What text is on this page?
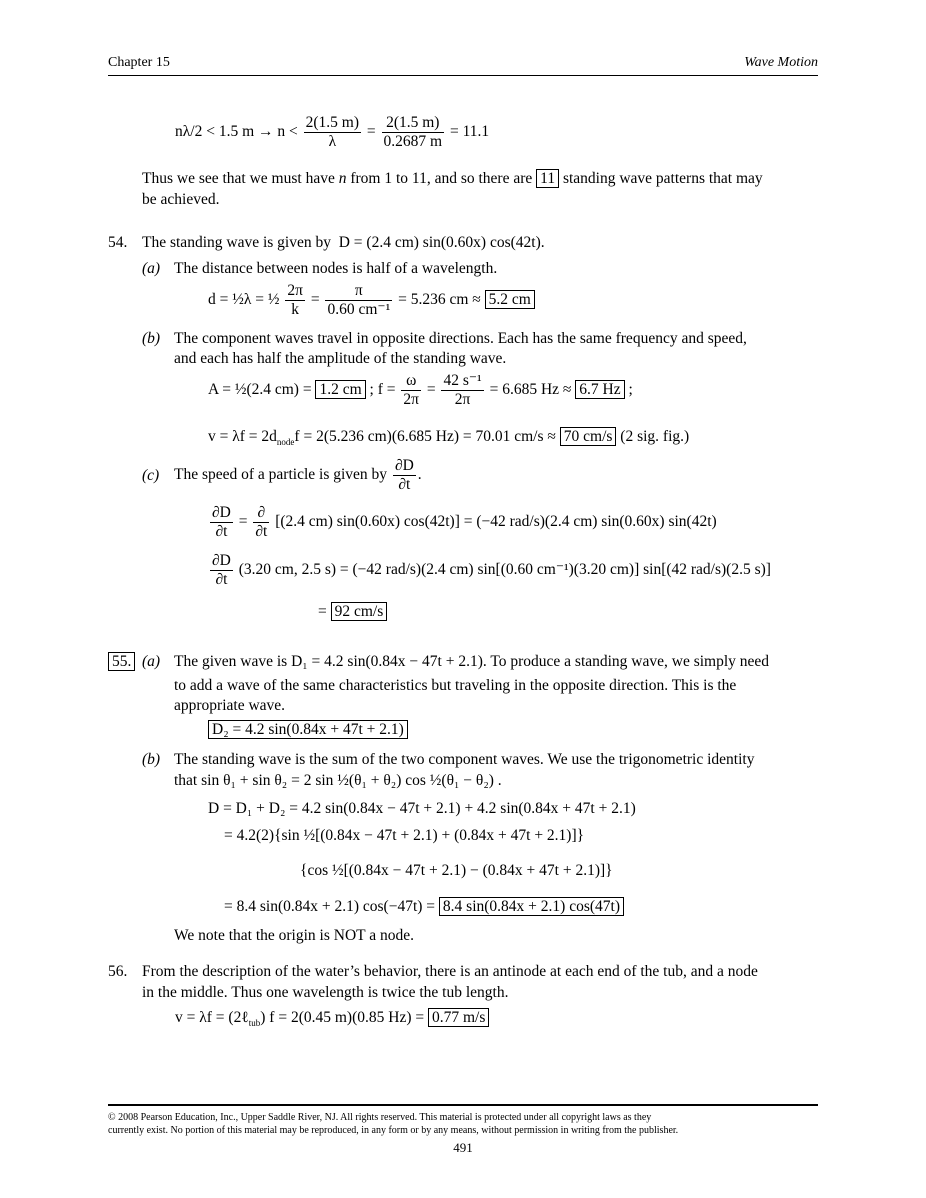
Chapter 15	Wave Motion
nλ/2 < 1.5 $m \to n < \frac{2(1.5 m)}{\lambda} = \frac{2(1.5 m)}{0.2687 m} = 11.1$
Thus we see that we must have n from 1 to 11, and so there are 11 standing wave patterns that may
be achieved.
54. The standing wave is given by D = (2.4 cm) sin(0.60x) cos(42t).
(a) The distance between nodes is half of a wavelength.
d = ½λ = ½ $\frac{2\pi}{k} = \frac{\pi}{\text{0.60 cm⁻¹}} = 5.236$ cm ≈ 5.2 cm
(b) The component waves travel in opposite directions. Each has the same frequency and speed,
and each has half the amplitude of the standing wave.
A = ½(2.4 cm) = 1.2 cm ; $f = \frac{\omega}{2\pi} = \frac{\text{42 s⁻¹}}{2\pi} = 6.685$ Hz ≈ 6.7 Hz ;
$v = \lambda f = 2d_{node}f = 2(5.236$ cm)(6.685 Hz) = 70.01 cm/s ≈ 70 cm/s (2 sig. fig.)
(c) The speed of a particle is given by $\frac{\partial D}{\partial t}$ .
$\frac{\partial D}{\partial t} = \frac{\partial}{\partial t} [(2.4$ cm) sin(0.60x) cos(42t)] = (−42 rad/s)(2.4 cm) sin(0.60x) sin(42t)
$\frac{\partial D}{\partial t} (3.20$ cm, 2.5 s) = (−42 rad/s)(2.4 cm) sin[(0.60 cm⁻¹)(3.20 cm)] sin[(42 rad/s)(2.5 s)]
= 92 cm/s
55. (a) The given wave is D₁ = 4.2 sin(0.84x − 47t + 2.1). To produce a standing wave, we simply need
to add a wave of the same characteristics but traveling in the opposite direction. This is the
appropriate wave.
D₂ = 4.2 sin(0.84x + 47t + 2.1)
(b) The standing wave is the sum of the two component waves. We use the trigonometric identity
that sin θ₁ + sin θ₂ = 2 sin ½(θ₁ + θ₂) cos ½(θ₁ − θ₂) .
D = D₁ + D₂ = 4.2 sin(0.84x − 47t + 2.1) + 4.2 sin(0.84x + 47t + 2.1)
= 4.2(2){sin ½[(0.84x − 47t + 2.1) + (0.84x + 47t + 2.1)]}
{cos ½[(0.84x − 47t + 2.1) − (0.84x + 47t + 2.1)]}
= 8.4 sin(0.84x + 2.1) cos(−47t) = 8.4 sin(0.84x + 2.1) cos(47t)
We note that the origin is NOT a node.
56. From the description of the water’s behavior, there is an antinode at each end of the tub, and a node
in the middle. Thus one wavelength is twice the tub length.
v = λf = (2ℓ$_{tub}$) f = 2(0.45 m)(0.85 Hz) = 0.77 m/s
© 2008 Pearson Education, Inc., Upper Saddle River, NJ. All rights reserved. This material is protected under all copyright laws as they
currently exist. No portion of this material may be reproduced, in any form or by any means, without permission in writing from the publisher.
491
